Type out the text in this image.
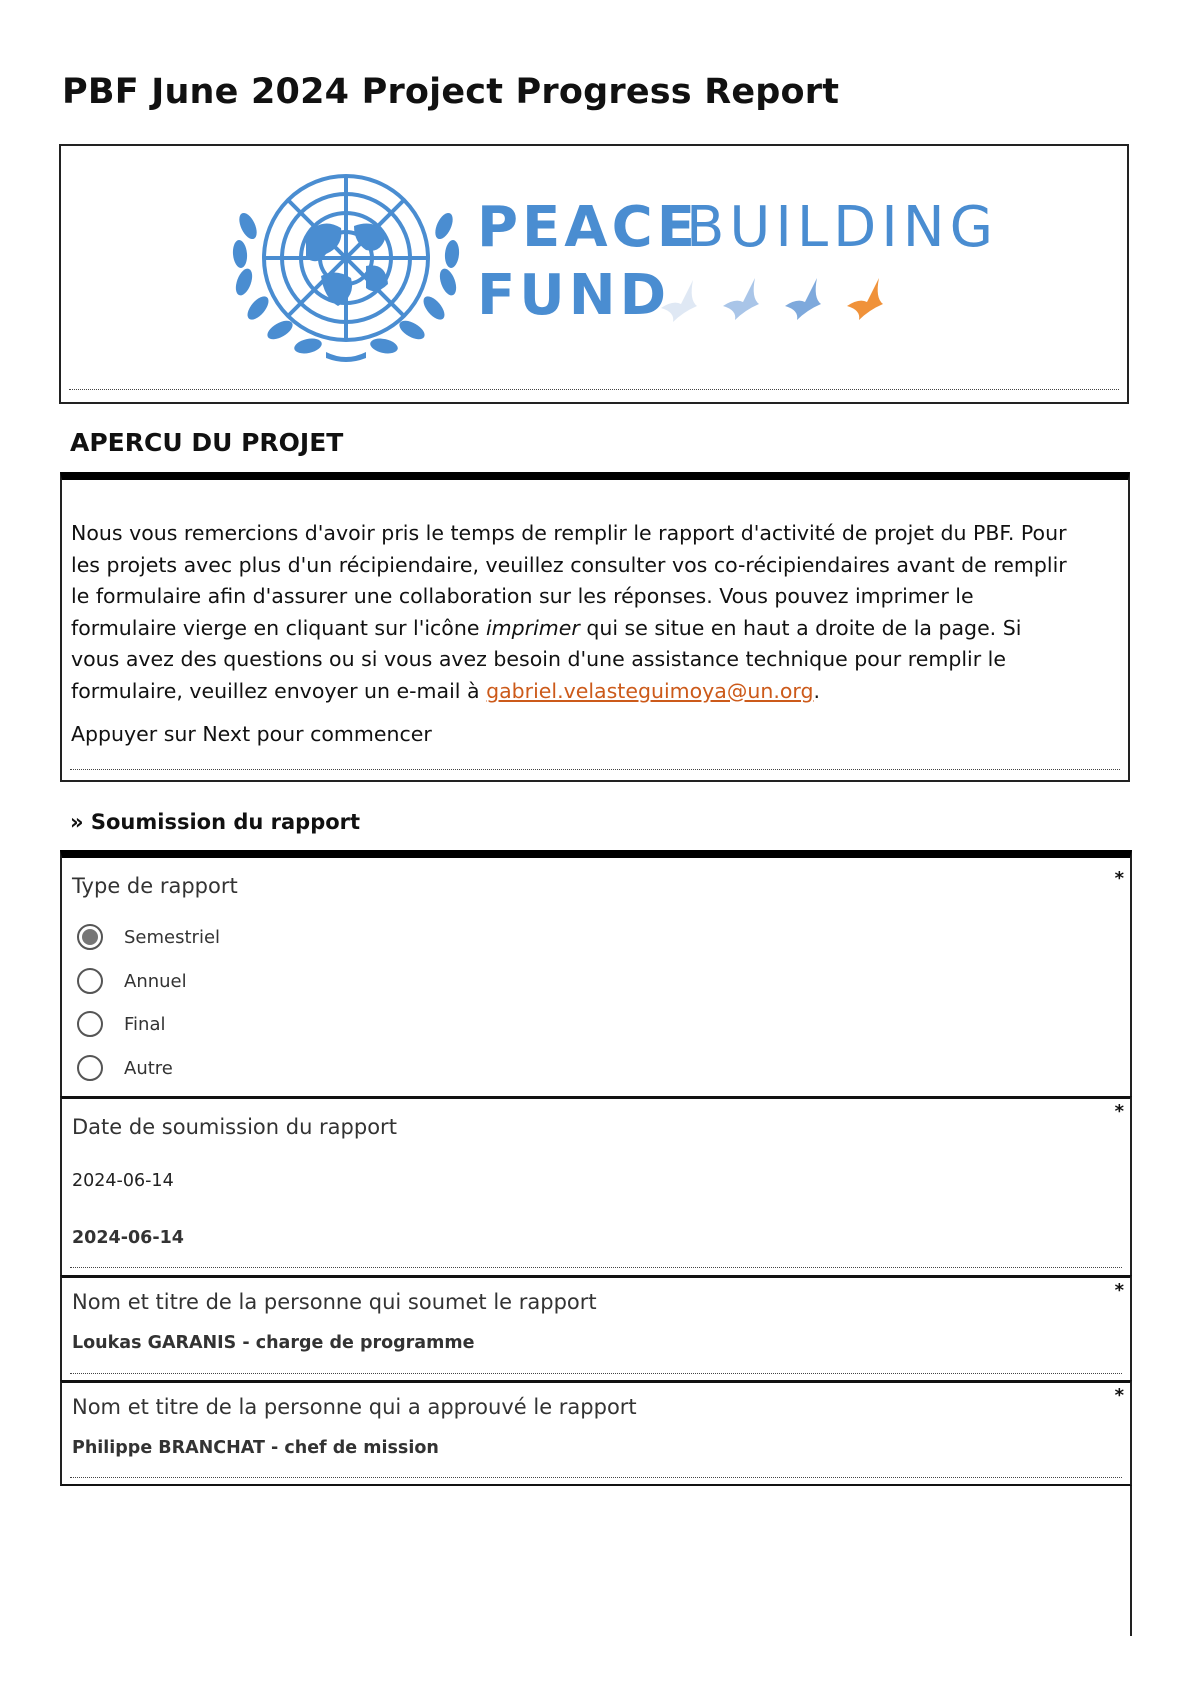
PBF June 2024 Project Progress Report
PEACE
BUILDING
FUND
APERCU DU PROJET

Nous vous remercions d'avoir pris le temps de remplir le rapport d'activité de projet du PBF. Pour les projets avec plus d'un récipiendaire, veuillez consulter vos co-récipiendaires avant de remplir le formulaire afin d'assurer une collaboration sur les réponses. Vous pouvez imprimer le formulaire vierge en cliquant sur l'icône imprimer qui se situe en haut a droite de la page. Si vous avez des questions ou si vous avez besoin d'une assistance technique pour remplir le formulaire, veuillez envoyer un e-mail à gabriel.velasteguimoya@un.org.

Appuyer sur Next pour commencer

» Soumission du rapport

Type de rapport	*
Semestriel
Annuel
Final
Autre

Date de soumission du rapport

*

2024-06-14

2024-06-14

Nom et titre de la personne qui soumet le rapport	*

Loukas GARANIS - charge de programme

Nom et titre de la personne qui a approuvé le rapport	*

Philippe BRANCHAT - chef de mission
